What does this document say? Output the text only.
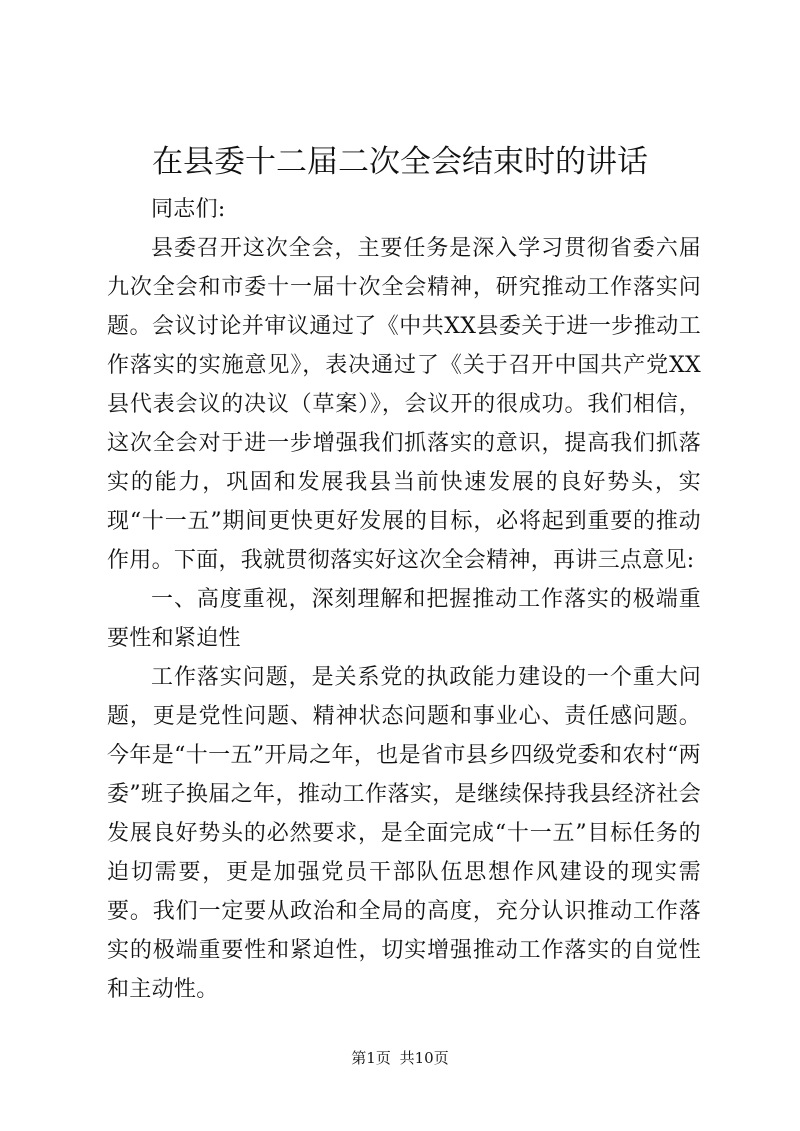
在县委十二届二次全会结束时的讲话

同志们:

县委召开这次全会，主要任务是深入学习贯彻省委六届九次全会和市委十一届十次全会精神，研究推动工作落实问题。会议讨论并审议通过了《中共XX县委关于进一步推动工作落实的实施意见》，表决通过了《关于召开中国共产党XX县代表会议的决议（草案）》，会议开的很成功。我们相信，这次全会对于进一步增强我们抓落实的意识，提高我们抓落实的能力，巩固和发展我县当前快速发展的良好势头，实现“十一五”期间更快更好发展的目标，必将起到重要的推动作用。下面，我就贯彻落实好这次全会精神，再讲三点意见:

一、高度重视，深刻理解和把握推动工作落实的极端重要性和紧迫性

工作落实问题，是关系党的执政能力建设的一个重大问题，更是党性问题、精神状态问题和事业心、责任感问题。今年是“十一五”开局之年，也是省市县乡四级党委和农村“两委”班子换届之年，推动工作落实，是继续保持我县经济社会发展良好势头的必然要求，是全面完成“十一五”目标任务的迫切需要，更是加强党员干部队伍思想作风建设的现实需要。我们一定要从政治和全局的高度，充分认识推动工作落实的极端重要性和紧迫性，切实增强推动工作落实的自觉性和主动性。

第1页 共10页
